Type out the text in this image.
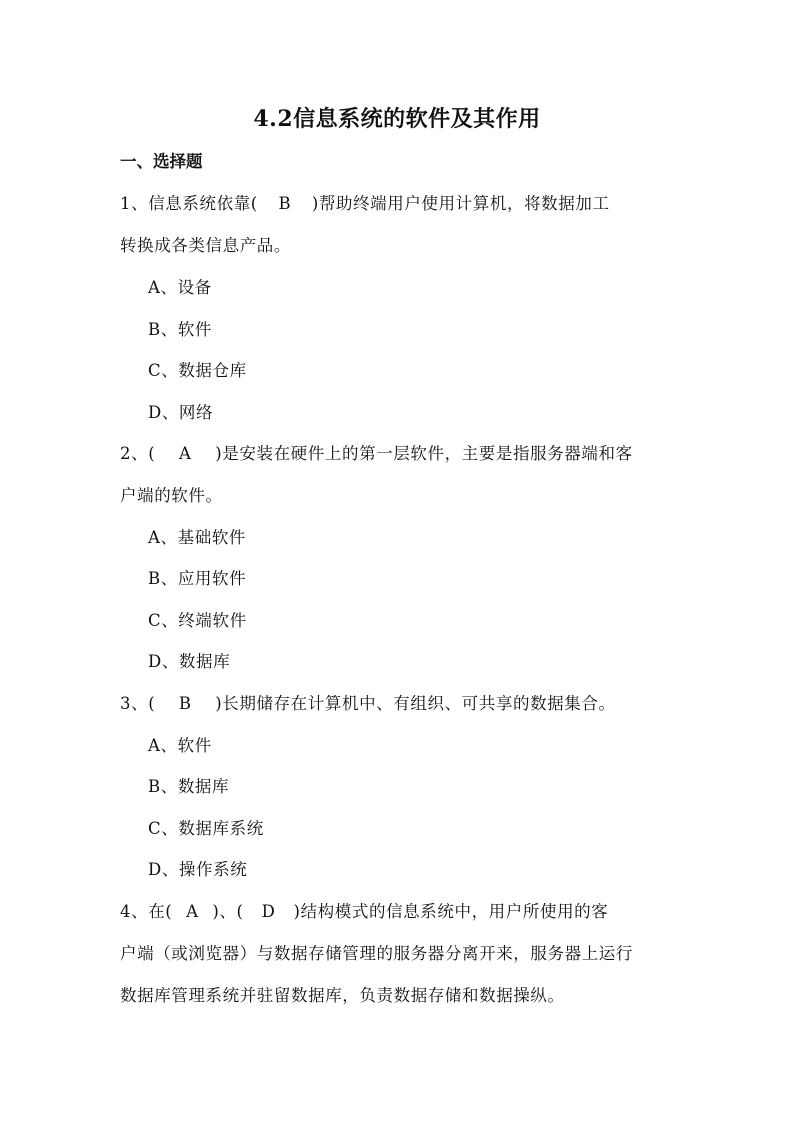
4.2信息系统的软件及其作用
一、选择题
1、信息系统依靠( B )帮助终端用户使用计算机，将数据加工
转换成各类信息产品。
A、设备
B、软件
C、数据仓库
D、网络
2、( A )是安装在硬件上的第一层软件，主要是指服务器端和客
户端的软件。
A、基础软件
B、应用软件
C、终端软件
D、数据库
3、( B )长期储存在计算机中、有组织、可共享的数据集合。
A、软件
B、数据库
C、数据库系统
D、操作系统
4、在( A )、( D )结构模式的信息系统中，用户所使用的客
户端（或浏览器）与数据存储管理的服务器分离开来，服务器上运行
数据库管理系统并驻留数据库，负责数据存储和数据操纵。
